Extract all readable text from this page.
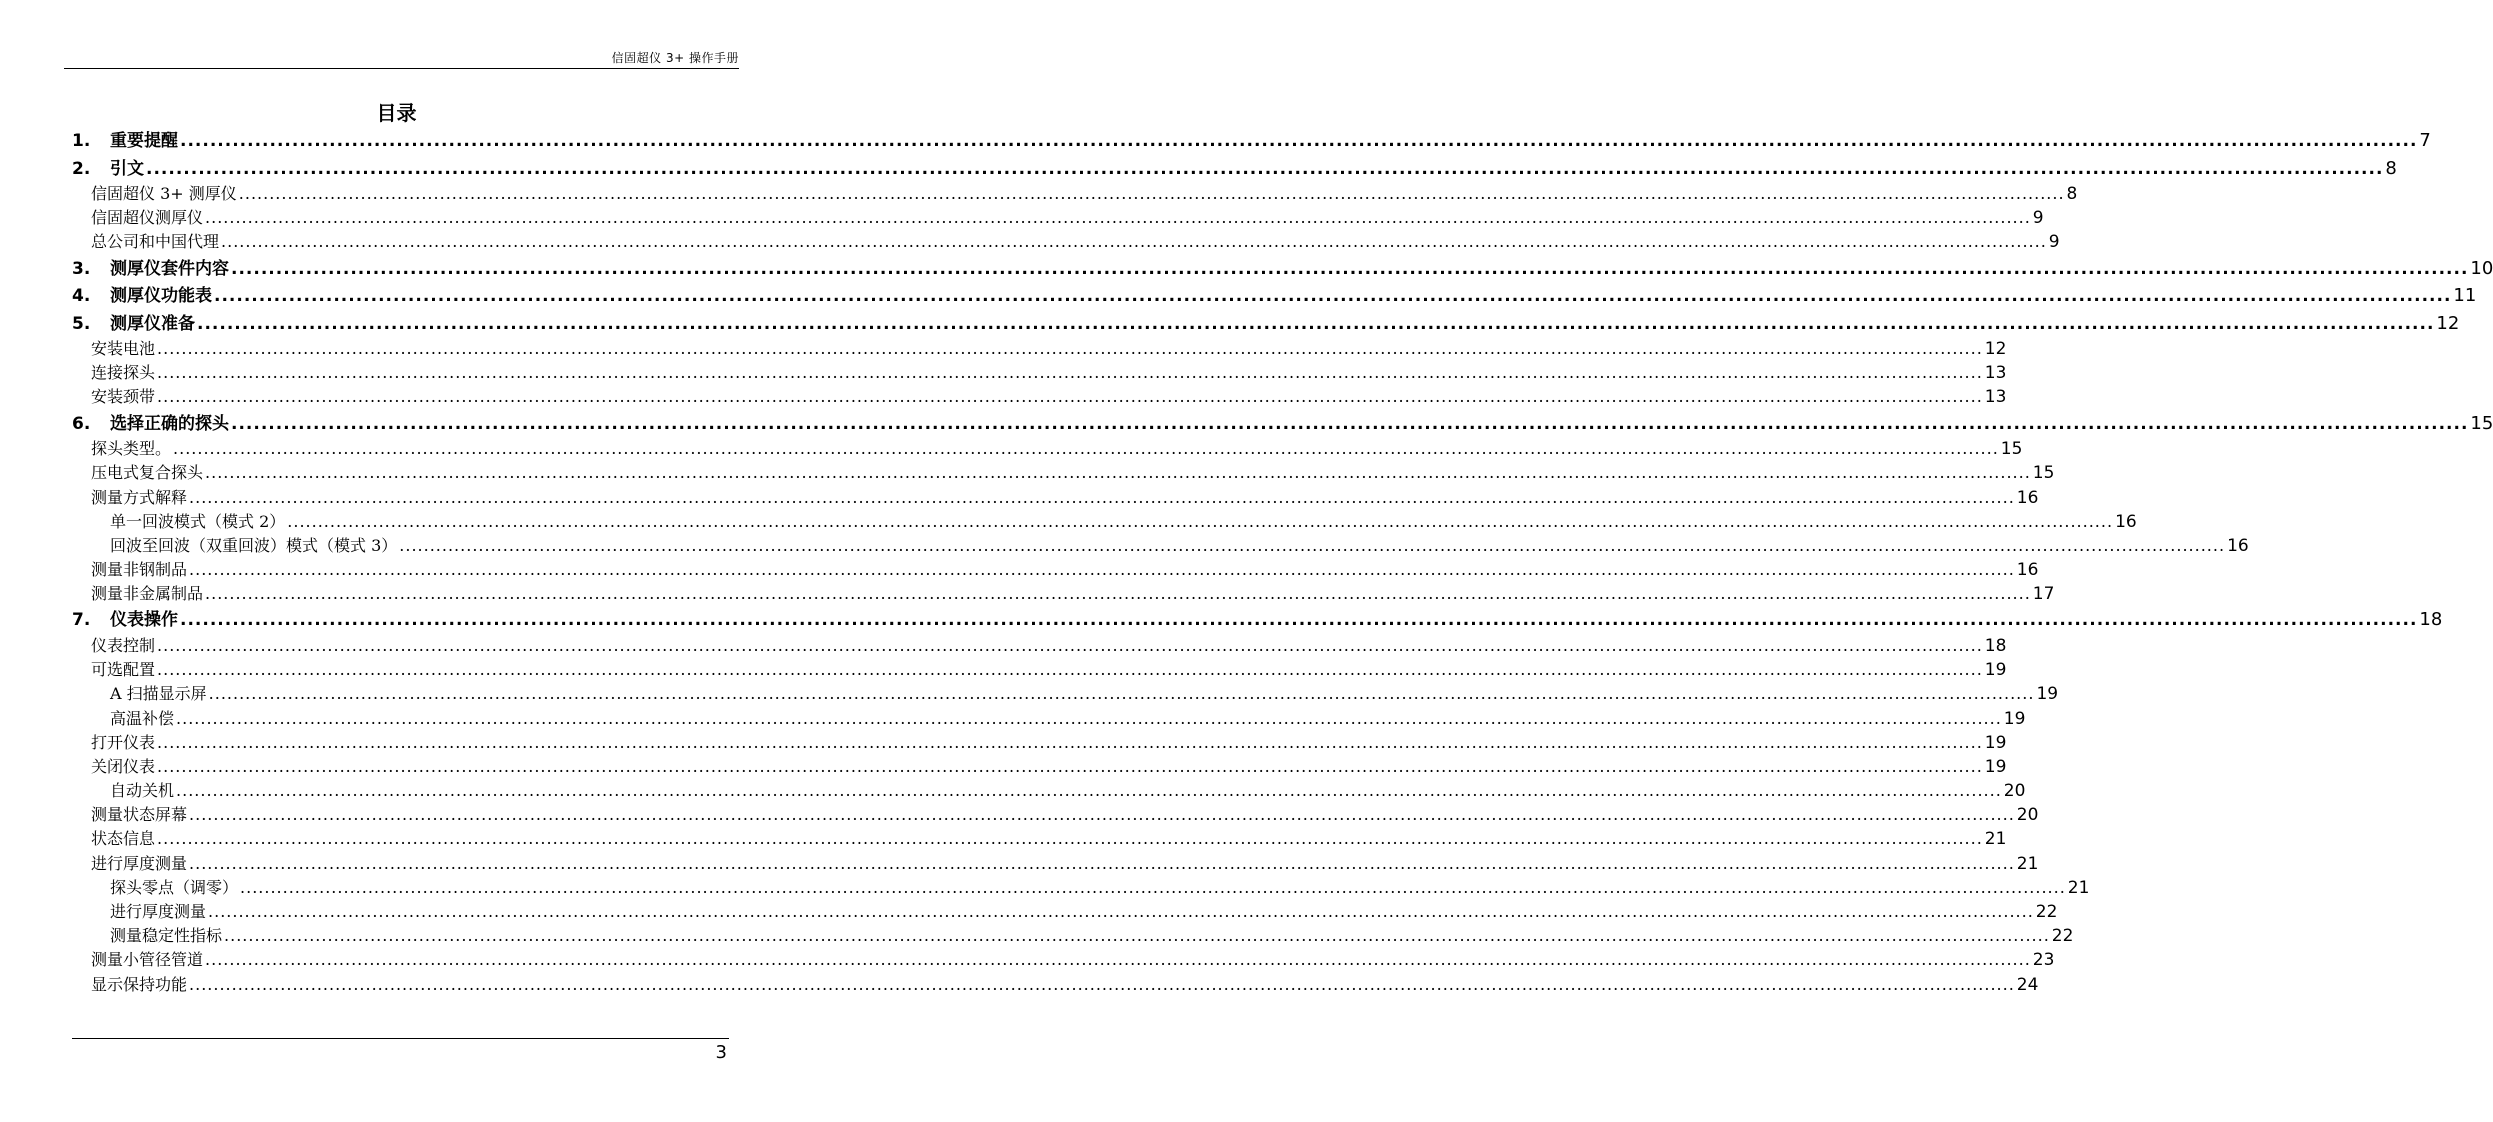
信固超仪 3+ 操作手册
目录
1. 重要提醒 ............................................................................................................................................................................................................................................................................................................ 7
2. 引文 ............................................................................................................................................................................................................................................................................................................ 8
信固超仪 3+ 测厚仪 ............................................................................................................................................................................................................................................................................................................ 8
信固超仪测厚仪 ............................................................................................................................................................................................................................................................................................................ 9
总公司和中国代理 ............................................................................................................................................................................................................................................................................................................ 9
3. 测厚仪套件内容 ............................................................................................................................................................................................................................................................................................................ 10
4. 测厚仪功能表 ............................................................................................................................................................................................................................................................................................................ 11
5. 测厚仪准备 ............................................................................................................................................................................................................................................................................................................ 12
安装电池 ............................................................................................................................................................................................................................................................................................................ 12
连接探头 ............................................................................................................................................................................................................................................................................................................ 13
安装颈带 ............................................................................................................................................................................................................................................................................................................ 13
6. 选择正确的探头 ............................................................................................................................................................................................................................................................................................................ 15
探头类型。 ............................................................................................................................................................................................................................................................................................................ 15
压电式复合探头 ............................................................................................................................................................................................................................................................................................................ 15
测量方式解释 ............................................................................................................................................................................................................................................................................................................ 16
单一回波模式（模式 2） ............................................................................................................................................................................................................................................................................................................ 16
回波至回波（双重回波）模式（模式 3） ............................................................................................................................................................................................................................................................................................................ 16
测量非钢制品 ............................................................................................................................................................................................................................................................................................................ 16
测量非金属制品 ............................................................................................................................................................................................................................................................................................................ 17
7. 仪表操作 ............................................................................................................................................................................................................................................................................................................ 18
仪表控制 ............................................................................................................................................................................................................................................................................................................ 18
可选配置 ............................................................................................................................................................................................................................................................................................................ 19
A 扫描显示屏 ............................................................................................................................................................................................................................................................................................................ 19
高温补偿 ............................................................................................................................................................................................................................................................................................................ 19
打开仪表 ............................................................................................................................................................................................................................................................................................................ 19
关闭仪表 ............................................................................................................................................................................................................................................................................................................ 19
自动关机 ............................................................................................................................................................................................................................................................................................................ 20
测量状态屏幕 ............................................................................................................................................................................................................................................................................................................ 20
状态信息 ............................................................................................................................................................................................................................................................................................................ 21
进行厚度测量 ............................................................................................................................................................................................................................................................................................................ 21
探头零点（调零） ............................................................................................................................................................................................................................................................................................................ 21
进行厚度测量 ............................................................................................................................................................................................................................................................................................................ 22
测量稳定性指标 ............................................................................................................................................................................................................................................................................................................ 22
测量小管径管道 ............................................................................................................................................................................................................................................................................................................ 23
显示保持功能 ............................................................................................................................................................................................................................................................................................................ 24
3
